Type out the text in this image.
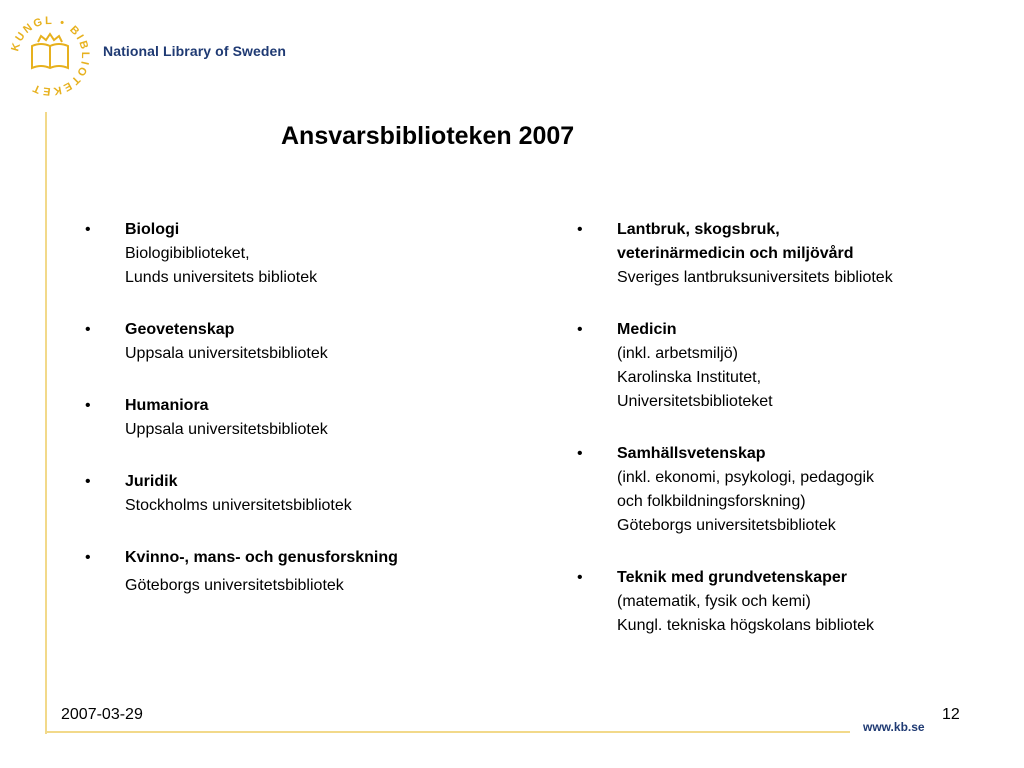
KUNGL • BIBLIOTEKET
National Library of Sweden
Ansvarsbiblioteken 2007
• Biologi
Biologibiblioteket,
Lunds universitets bibliotek
• Geovetenskap
Uppsala universitetsbibliotek
• Humaniora
Uppsala universitetsbibliotek
• Juridik
Stockholms universitetsbibliotek
• Kvinno-, mans- och genusforskning
Göteborgs universitetsbibliotek
• Lantbruk, skogsbruk,
veterinärmedicin och miljövård
Sveriges lantbruksuniversitets bibliotek
• Medicin
(inkl. arbetsmiljö)
Karolinska Institutet,
Universitetsbiblioteket
• Samhällsvetenskap
(inkl. ekonomi, psykologi, pedagogik
och folkbildningsforskning)
Göteborgs universitetsbibliotek
• Teknik med grundvetenskaper
(matematik, fysik och kemi)
Kungl. tekniska högskolans bibliotek
2007-03-29
www.kb.se
12
